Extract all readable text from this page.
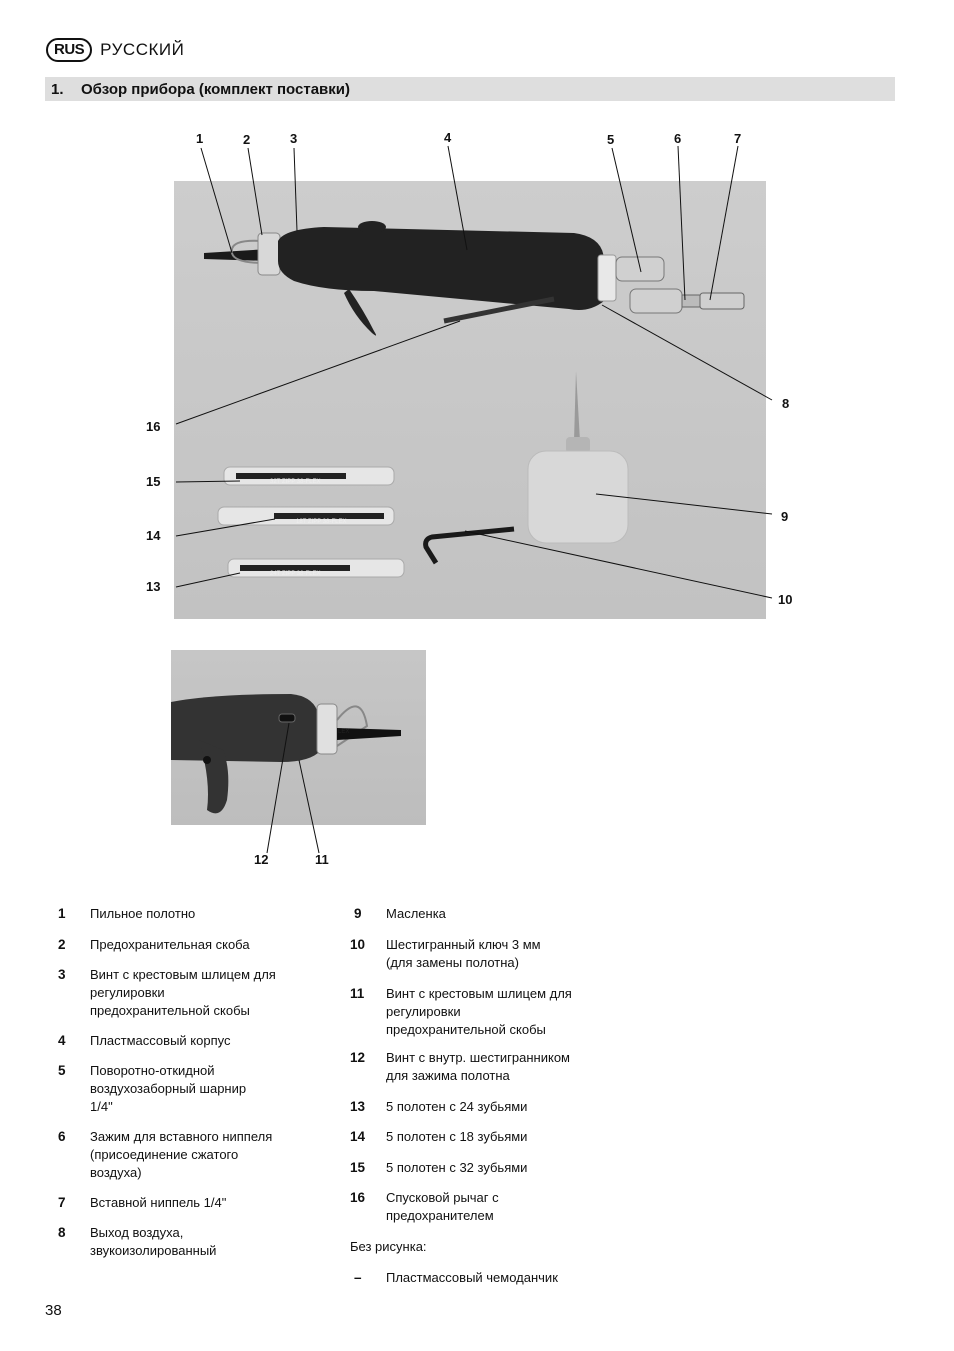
RUS РУССКИЙ
1.	Обзор прибора (комплект поставки)
32T ZIPP 38-FLEX
18T ZIPP 38-FLEX
24T ZIPP 38-FLEX
LEX
1	2	3	4	5	6	7
8
9
10
13
14
15
16
12	11
1	Пильное полотно
2	Предохранительная скоба
3	Винт с крестовым шлицем для
регулировки
предохранительной скобы
4	Пластмассовый корпус
5	Поворотно-откидной
воздухозаборный шарнир
1/4"
6	Зажим для вставного ниппеля
(присоединение сжатого
воздуха)
7	Вставной ниппель 1/4"
8	Выход воздуха,
звукоизолированный
9	Масленка
10	Шестигранный ключ 3 мм
(для замены полотна)
11	Винт с крестовым шлицем для
регулировки
предохранительной скобы
12	Винт с внутр. шестигранником
для зажима полотна
13	5 полотен с 24 зубьями
14	5 полотен с 18 зубьями
15	5 полотен с 32 зубьями
16	Спусковой рычаг с
предохранителем
Без рисунка:
–	Пластмассовый чемоданчик
38
